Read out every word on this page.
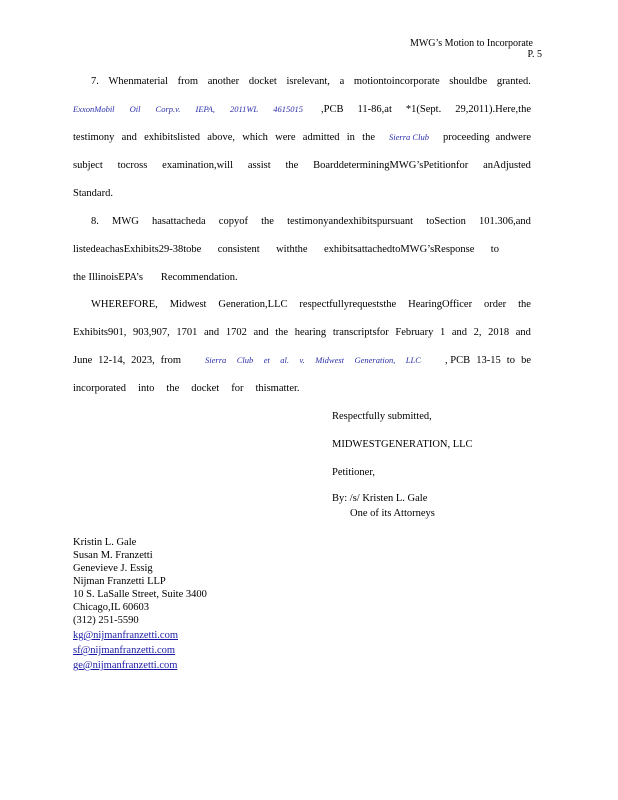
MWG’s Motion to Incorporate
P. 5
7. Whenmaterial from another docket isrelevant, a motiontoincorporate shouldbe granted.
ExxonMobil Oil Corp.v. IEPA, 2011WL 4615015 ,PCB 11-86,at *1(Sept. 29,2011).Here,the
testimony and exhibitslisted above, which were admitted in the Sierra Club proceeding andwere
subject tocross examination,will assist the BoarddeterminingMWG’sPetitionfor anAdjusted
Standard.
8. MWG hasattacheda copyof the testimonyandexhibitspursuant toSection 101.306,and
listedeachasExhibits29-38tobe consistent withthe exhibitsattachedtoMWG’sResponse to
the IllinoisEPA’s Recommendation.
WHEREFORE, Midwest Generation,LLC respectfullyrequeststhe HearingOfficer order the
Exhibits901, 903,907, 1701 and 1702 and the hearing transcriptsfor February 1 and 2, 2018 and
June 12-14, 2023, from	Sierra Club et al. v. Midwest Generation, LLC , PCB 13-15 to be
incorporated into the docket for thismatter.
Respectfully submitted,
MIDWESTGENERATION, LLC
Petitioner,
By: /s/ Kristen L. Gale
One of its Attorneys
Kristin L. Gale
Susan M. Franzetti
Genevieve J. Essig
Nijman Franzetti LLP
10 S. LaSalle Street, Suite 3400
Chicago,IL 60603
(312) 251-5590
kg@nijmanfranzetti.com
sf@nijmanfranzetti.com
ge@nijmanfranzetti.com
